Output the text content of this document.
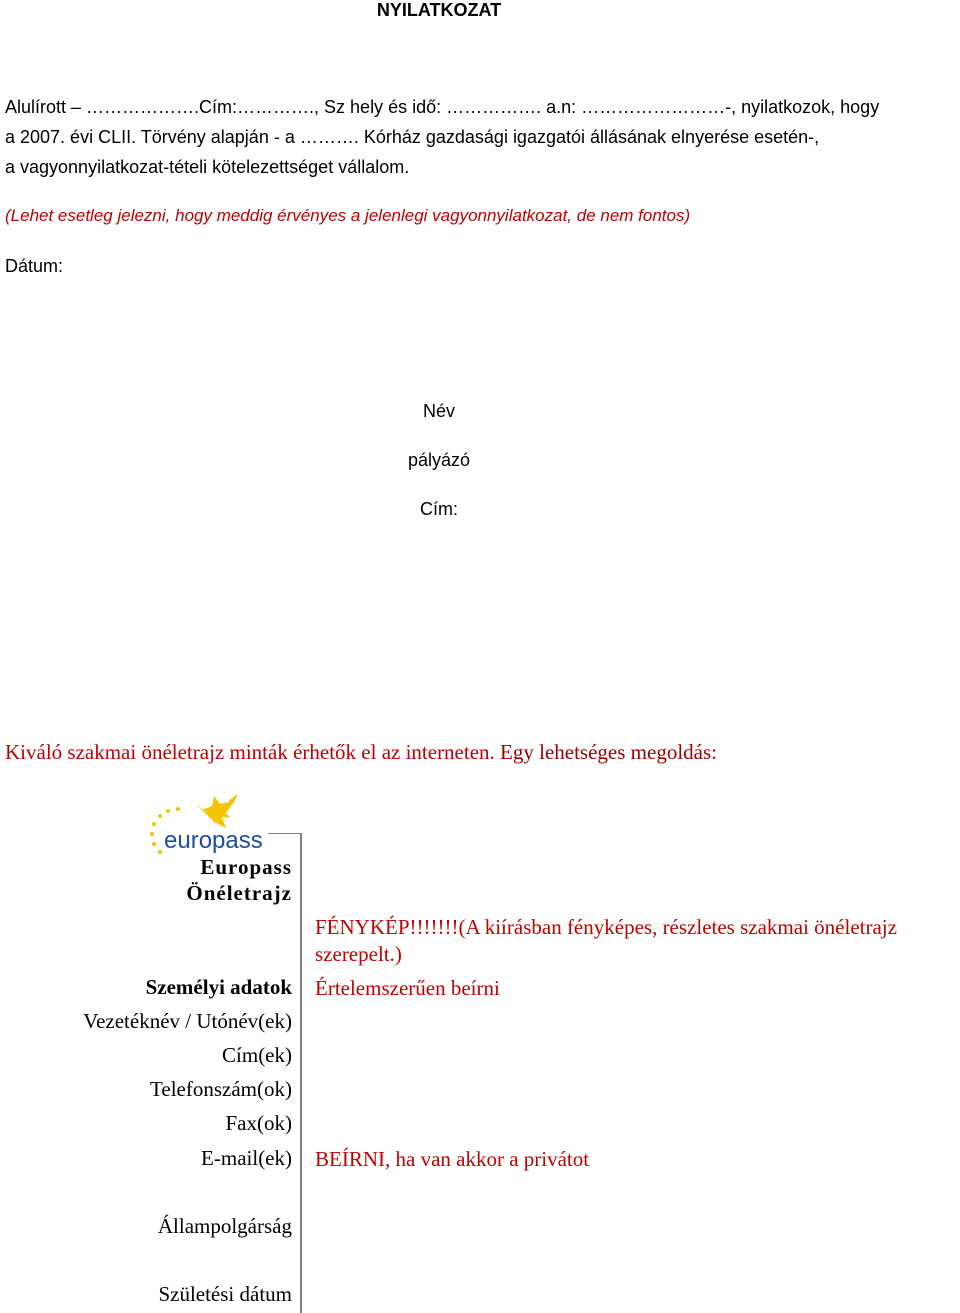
NYILATKOZAT
Alulírott – ……………….Cím:…………., Sz hely és idő: ……………. a.n: ……………………-, nyilatkozok, hogy
a 2007. évi CLII. Törvény alapján - a ………. Kórház gazdasági igazgatói állásának elnyerése esetén-,
a vagyonnyilatkozat-tételi kötelezettséget vállalom.
(Lehet esetleg jelezni, hogy meddig érvényes a jelenlegi vagyonnyilatkozat, de nem fontos)
Dátum:
Név
pályázó
Cím:
Kiváló szakmai önéletrajz minták érhetők el az interneten. Egy lehetséges megoldás:
europass
Europass
Önéletrajz
FÉNYKÉP!!!!!!!(A kiírásban fényképes, részletes szakmai önéletrajz szerepelt.)
Személyi adatok Értelemszerűen beírni
Vezetéknév / Utónév(ek)
Cím(ek)
Telefonszám(ok)
Fax(ok)
E-mail(ek) BEÍRNI, ha van akkor a privátot
Állampolgárság
Születési dátum
